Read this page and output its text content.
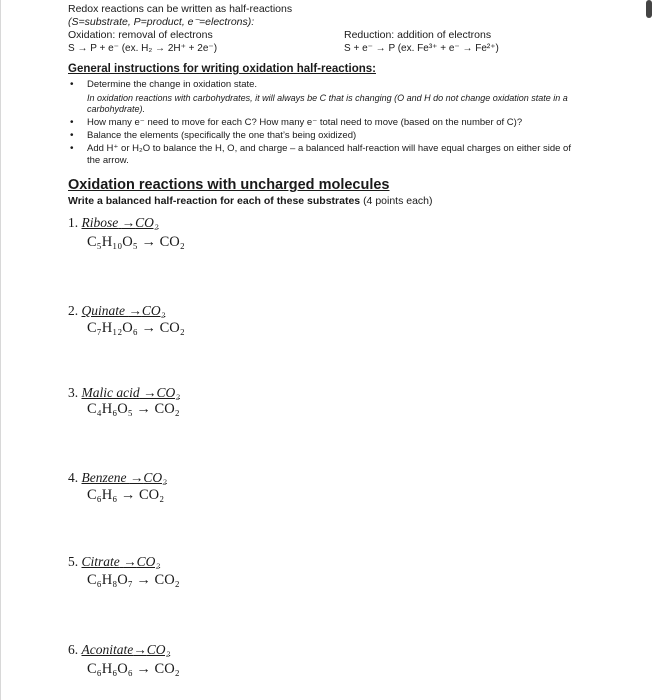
Redox reactions can be written as half-reactions
(S=substrate, P=product, e⁻=electrons):
Oxidation: removal of electrons
S → P + e⁻ (ex. H₂ → 2H⁺ + 2e⁻)
Reduction: addition of electrons
S + e⁻ → P (ex. Fe³⁺ + e⁻ → Fe²⁺)
General instructions for writing oxidation half-reactions:
• Determine the change in oxidation state.
In oxidation reactions with carbohydrates, it will always be C that is changing (O and H do not change oxidation state in a carbohydrate).
• How many e⁻ need to move for each C? How many e⁻ total need to move (based on the number of C)?
• Balance the elements (specifically the one that’s being oxidized)
• Add H⁺ or H₂O to balance the H, O, and charge – a balanced half-reaction will have equal charges on either side of the arrow.
Oxidation reactions with uncharged molecules
Write a balanced half-reaction for each of these substrates (4 points each)
1. Ribose →CO₂
C₅H₁₀O₅ → CO₂
2. Quinate →CO₂
C₇H₁₂O₆ → CO₂
3. Malic acid →CO₂
C₄H₆O₅ → CO₂
4. Benzene →CO₂
C₆H₆ → CO₂
5. Citrate →CO₂
C₆H₈O₇ → CO₂
6. Aconitate→CO₂
C₆H₆O₆ → CO₂
